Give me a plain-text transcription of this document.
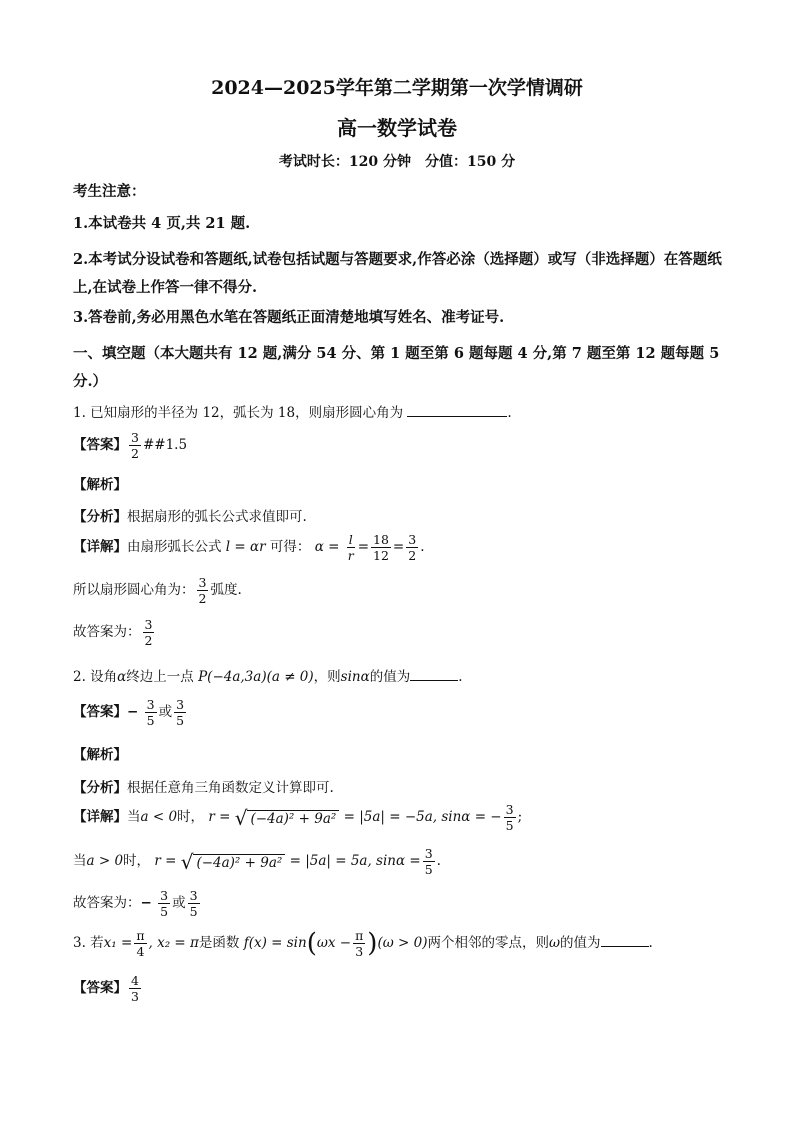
2024—2025学年第二学期第一次学情调研
高一数学试卷
考试时长：120 分钟　分值：150 分
考生注意：
1.本试卷共 4 页,共 21 题.
2.本考试分设试卷和答题纸,试卷包括试题与答题要求,作答必涂（选择题）或写（非选择题）在答题纸上,在试卷上作答一律不得分.
3.答卷前,务必用黑色水笔在答题纸正面清楚地填写姓名、准考证号.
一、填空题（本大题共有 12 题,满分 54 分、第 1 题至第 6 题每题 4 分,第 7 题至第 12 题每题 5 分.）
1. 已知扇形的半径为 12，弧长为 18，则扇形圆心角为	.
【答案】 $\frac{3}{2}$ ##1.5
【解析】
【分析】根据扇形的弧长公式求值即可.
【详解】由扇形弧长公式 l = αr 可得： $\alpha = \frac{l}{r} = \frac{18}{12} = \frac{3}{2}$ .
所以扇形圆心角为： $\frac{3}{2}$ 弧度.
故答案为： $\frac{3}{2}$
2. 设角α终边上一点 P(−4a,3a)(a ≠ 0)，则sinα的值为	.
【答案】− $\frac{3}{5}$ 或 $\frac{3}{5}$
【解析】
【分析】根据任意角三角函数定义计算即可.
【详解】当a < 0时， r = √ (−4a)² + 9a² = |5a| = −5a, sinα = − $\frac{3}{5}$ ;
当a > 0时， r = √ (−4a)² + 9a² = |5a| = 5a, $\sin\alpha = \frac{3}{5}$ .
故答案为：− $\frac{3}{5}$ 或 $\frac{3}{5}$
3. 若$x_1 = \frac{\pi}{4}$ , x₂ = π是函数 $f(x) = \sin(\omega x - \frac{\pi}{3} )(\omega > 0)$两个相邻的零点，则ω的值为	.
【答案】 $\frac{4}{3}$
